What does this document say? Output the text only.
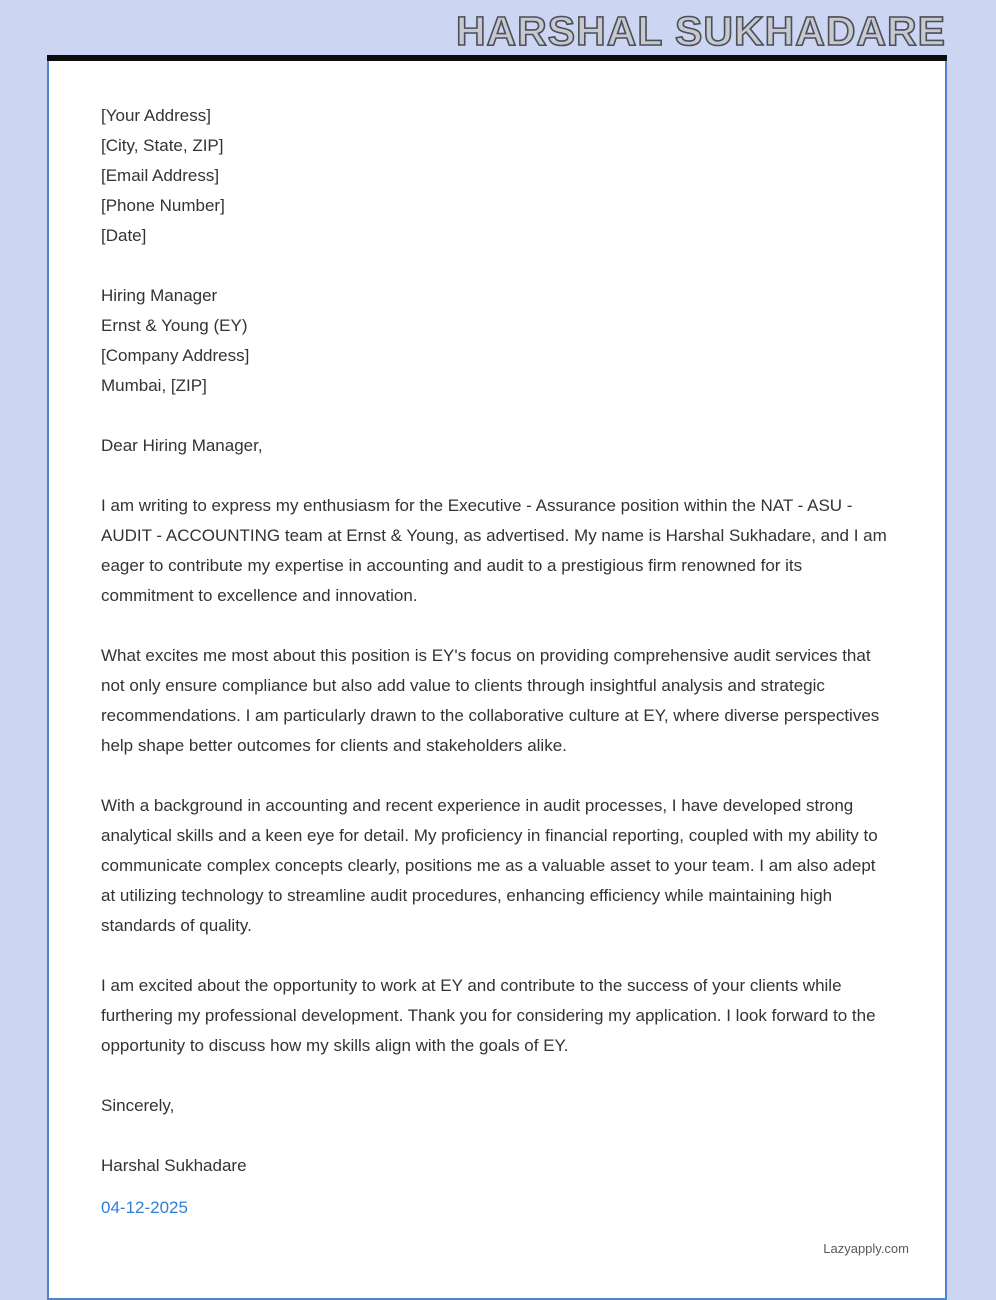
HARSHAL SUKHADARE
[Your Address]
[City, State, ZIP]
[Email Address]
[Phone Number]
[Date]
Hiring Manager
Ernst & Young (EY)
[Company Address]
Mumbai, [ZIP]
Dear Hiring Manager,
I am writing to express my enthusiasm for the Executive - Assurance position within the NAT - ASU - AUDIT - ACCOUNTING team at Ernst & Young, as advertised. My name is Harshal Sukhadare, and I am eager to contribute my expertise in accounting and audit to a prestigious firm renowned for its commitment to excellence and innovation.
What excites me most about this position is EY's focus on providing comprehensive audit services that not only ensure compliance but also add value to clients through insightful analysis and strategic recommendations. I am particularly drawn to the collaborative culture at EY, where diverse perspectives help shape better outcomes for clients and stakeholders alike.
With a background in accounting and recent experience in audit processes, I have developed strong analytical skills and a keen eye for detail. My proficiency in financial reporting, coupled with my ability to communicate complex concepts clearly, positions me as a valuable asset to your team. I am also adept at utilizing technology to streamline audit procedures, enhancing efficiency while maintaining high standards of quality.
I am excited about the opportunity to work at EY and contribute to the success of your clients while furthering my professional development. Thank you for considering my application. I look forward to the opportunity to discuss how my skills align with the goals of EY.
Sincerely,
Harshal Sukhadare
04-12-2025
Lazyapply.com
